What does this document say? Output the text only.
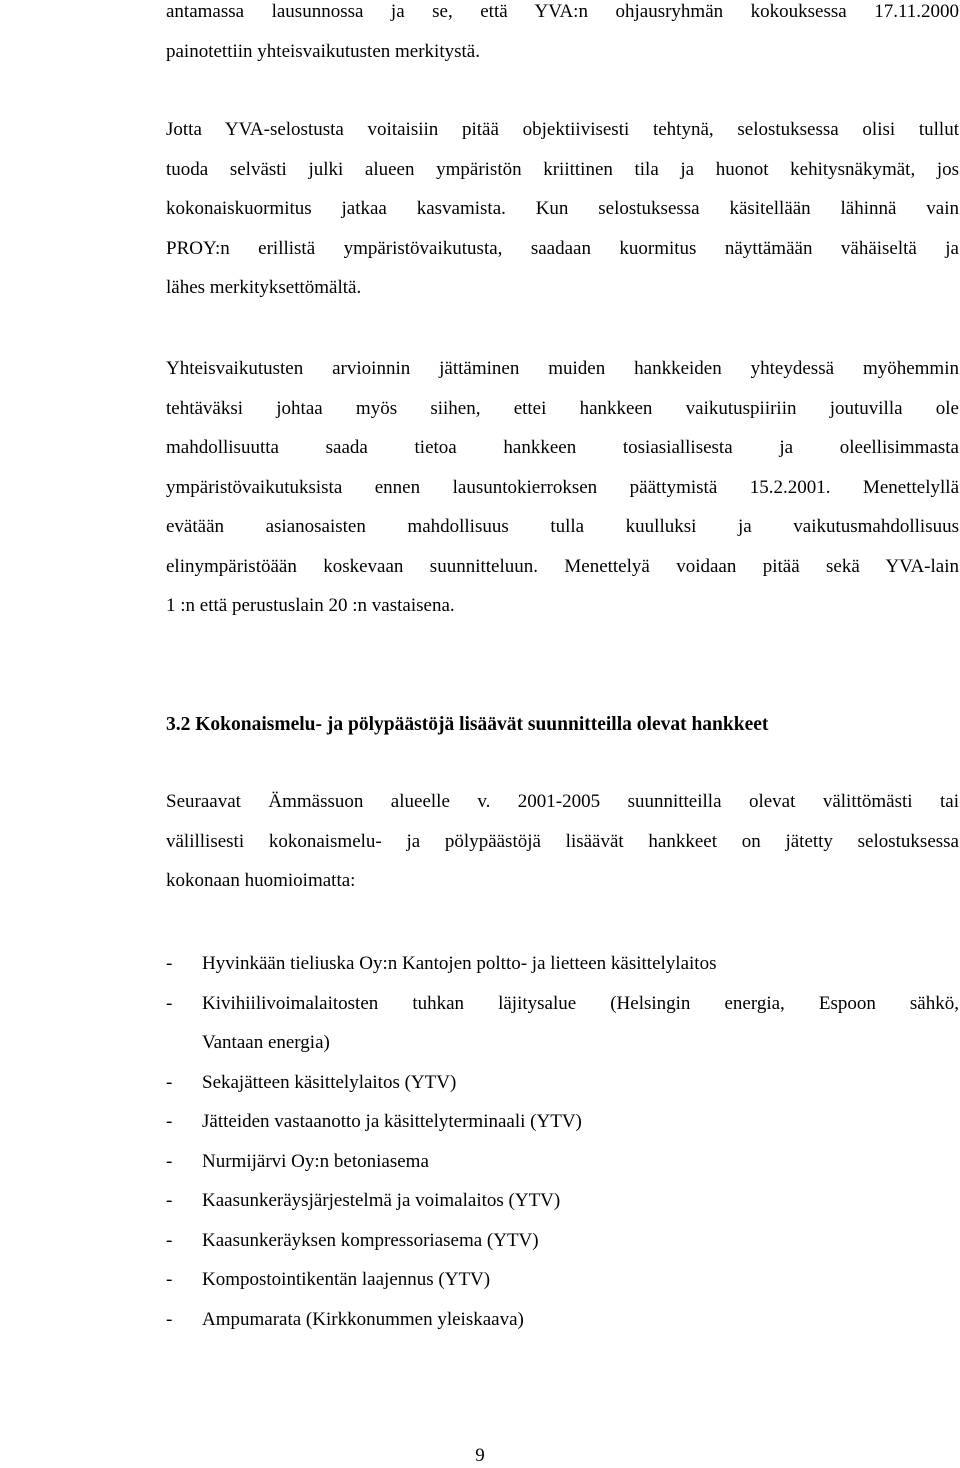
antamassa lausunnossa ja se, että YVA:n ohjausryhmän kokouksessa 17.11.2000
painotettiin yhteisvaikutusten merkitystä.

Jotta YVA-selostusta voitaisiin pitää objektiivisesti tehtynä, selostuksessa olisi tullut
tuoda selvästi julki alueen ympäristön kriittinen tila ja huonot kehitysnäkymät, jos
kokonaiskuormitus jatkaa kasvamista. Kun selostuksessa käsitellään lähinnä vain
PROY:n erillistä ympäristövaikutusta, saadaan kuormitus näyttämään vähäiseltä ja
lähes merkityksettömältä.

Yhteisvaikutusten arvioinnin jättäminen muiden hankkeiden yhteydessä myöhemmin
tehtäväksi johtaa myös siihen, ettei hankkeen vaikutuspiiriin joutuvilla ole
mahdollisuutta saada tietoa hankkeen tosiasiallisesta ja oleellisimmasta
ympäristövaikutuksista ennen lausuntokierroksen päättymistä 15.2.2001. Menettelyllä
evätään asianosaisten mahdollisuus tulla kuulluksi ja vaikutusmahdollisuus
elinympäristöään koskevaan suunnitteluun. Menettelyä voidaan pitää sekä YVA-lain
1 :n että perustuslain 20 :n vastaisena.

3.2 Kokonaismelu- ja pölypäästöjä lisäävät suunnitteilla olevat hankkeet

Seuraavat Ämmässuon alueelle v. 2001-2005 suunnitteilla olevat välittömästi tai
välillisesti kokonaismelu- ja pölypäästöjä lisäävät hankkeet on jätetty selostuksessa
kokonaan huomioimatta:

-	Hyvinkään tieliuska Oy:n Kantojen poltto- ja lietteen käsittelylaitos
-	Kivihiilivoimalaitosten tuhkan läjitysalue (Helsingin energia, Espoon sähkö,
Vantaan energia)
-	Sekajätteen käsittelylaitos (YTV)
-	Jätteiden vastaanotto ja käsittelyterminaali (YTV)
-	Nurmijärvi Oy:n betoniasema
-	Kaasunkeräysjärjestelmä ja voimalaitos (YTV)
-	Kaasunkeräyksen kompressoriasema (YTV)
-	Kompostointikentän laajennus (YTV)
-	Ampumarata (Kirkkonummen yleiskaava)

9
